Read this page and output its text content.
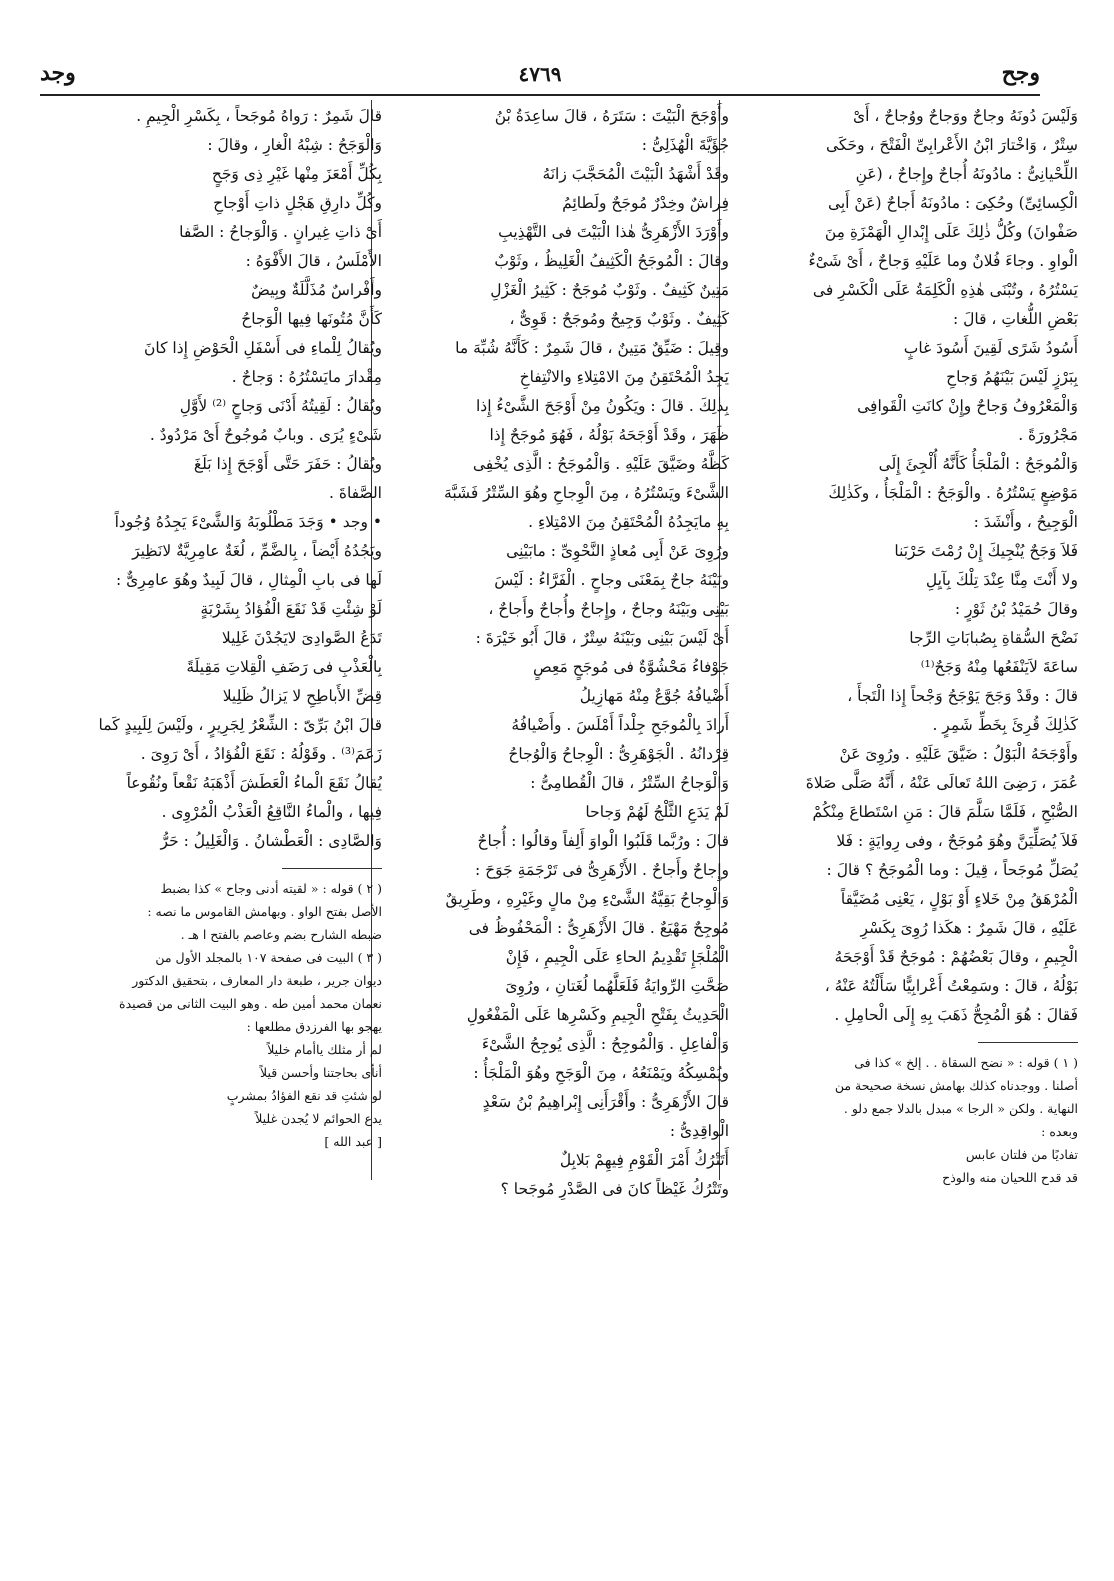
وجح
٤٧٦٩
وجد

وَلَيْسَ دُونَهُ وجاحٌ ووَجاحٌ ووُجاحٌ ، أَىْ

سِتْرٌ ، وَاخْتارَ ابْنُ الأَعْرابِىِّ الْفَتْحَ ، وحَكَى

اللِّحْيانِىُّ : مادُونَهُ أُجاحٌ وإِجاحٌ ، (عَنِ

الْكِسائِىِّ) وحُكِىَ : مادُونَهُ أَجاحٌ (عَنْ أَبِى

صَفْوانَ) وكُلُّ ذٰلِكَ عَلَى إِبْدالِ الْهَمْزَةِ مِنَ

الْواوِ . وجاءَ فُلانٌ وما عَلَيْهِ وَجاحٌ ، أَىْ شَىْءٌ

يَسْتُرُهُ ، وتُبْنَى هٰذِهِ الْكَلِمَةُ عَلَى الْكَسْرِ فى

بَعْضِ اللُّغاتِ ، قالَ :

أَسُودُ شَرًى لَقِينَ أَسُودَ غابٍ

بِبَرْزٍ لَيْسَ بَيْنَهُمُ وَجاحِ

وَالْمَعْرُوفُ وَجاحٌ وإِنْ كانَتِ الْقَوافِى

مَجْرُورَةً .

وَالْمُوجَحُ : الْمَلْجَأُ كَأَنَّهُ أُلْجِئَ إِلَى

مَوْضِعٍ يَسْتُرُهُ . والْوَجَحُ : الْمَلْجَأُ ، وكَذٰلِكَ

الْوَجِيحُ ، وأَنْشَدَ :

فَلاَ وَجَحٌ يُنْجِيكَ إِنْ رُمْتَ حَرْبَنا

ولا أَنْتَ مِنَّا عِنْدَ تِلْكَ بِآيِلِ

وقالَ حُمَيْدُ بْنُ ثَوْرٍ :

نَضْحَ السُّقاةِ بِصُبابَاتِ الرِّجا

ساعَةَ لاَيَنْفَعُها مِنْهُ وَجَحٌ⁽¹⁾

قالَ : وقَدْ وَجَحَ يَوْجَحُ وَجْحاً إِذا الْتَجأَ ،

كَذٰلِكَ قُرِئَ بِخَطِّ شَمِرٍ .

وأَوْجَحَهُ الْبَوْلُ : ضَيَّقَ عَلَيْهِ . ورُوِىَ عَنْ

عُمَرَ ، رَضِىَ اللهُ تَعالَى عَنْهُ ، أَنَّهُ صَلَّى صَلاةَ

الصُّبْحِ ، فَلَمَّا سَلَّمَ قالَ : مَنِ اسْتَطاعَ مِنْكُمْ

فَلاَ يُصَلِّيَنَّ وهُوَ مُوجَحٌ ، وفى رِوايَةٍ : فَلا

يُصَلِّ مُوجَحاً ، قِيلَ : وما الْمُوجَحُ ؟ قالَ :

الْمُرْهَقُ مِنْ خَلاءٍ أَوْ بَوْلٍ ، يَعْنِى مُضَيَّقاً

عَلَيْهِ ، قالَ شَمِرٌ : هكَذا رُوِىَ بِكَسْرِ

الْجِيمِ ، وقالَ بَعْضُهُمْ : مُوجَحٌ قَدْ أَوْجَحَهُ

بَوْلُهُ ، قالَ : وسَمِعْتُ أَعْرابِيًّا سَأَلْتُهُ عَنْهُ ،

فَقالَ : هُوَ الْمُجِحُّ ذَهَبَ بِهِ إِلَى الْحامِلِ .

( ١ ) قوله : « نضح السقاة . . إلخ » كذا فى

أصلنا . ووجدناه كذلك بهامش نسخة صحيحة من

النهاية . ولكن « الرجا » مبدل بالدلا جمع دلو .

وبعده :

تفاديًا من فلتان عابس

قد قدح اللحيان منه والوذح

وأَوْجَحَ الْبَيْتَ : سَتَرَهُ ، قالَ ساعِدَةُ بْنُ

جُؤَيَّةَ الْهُذَلِىُّ :

وقَدْ أَشْهَدُ الْبَيْتَ الْمُحَجَّبَ زانَهُ

فِراشٌ وخِدْرٌ مُوجَحٌ ولَطائِمُ

وأَوْرَدَ الأَزْهَرِىُّ هٰذا الْبَيْتَ فى التَّهْذِيبِ

وقالَ : الْمُوجَحُ الْكَثِيفُ الْغَلِيظُ ، وثَوْبٌ

مَتِينٌ كَثِيفٌ . وثَوْبٌ مُوجَحٌ : كَثِيرُ الْغَزْلِ

كَثِيفٌ . وثَوْبٌ وَجِيحٌ ومُوجَحٌ : قَوِىٌّ ،

وقِيلَ : ضَيِّقٌ مَتِينٌ ، قالَ شَمِرٌ : كَأَنَّهُ شُبِّهَ ما

يَجِدُ الْمُحْتَقِنُ مِنَ الامْتِلاءِ والانْتِفاخِ

بِذٰلِكَ . قالَ : ويَكُونُ مِنْ أَوْجَحَ الشَّىْءُ إِذا

ظَهَرَ ، وقَدْ أَوْجَحَهُ بَوْلُهُ ، فَهُوَ مُوجَحٌ إِذا

كَظَّهُ وضَيَّقَ عَلَيْهِ . وَالْمُوجَحُ : الَّذِى يُخْفِى

الشَّىْءَ ويَسْتُرُهُ ، مِنَ الْوِجاحِ وهُوَ السِّتْرُ فَشَبَّهَ

بِهِ مايَجِدُهُ الْمُحْتَقِنُ مِنَ الامْتِلاءِ .

ورُوِىَ عَنْ أَبِى مُعاذٍ النَّحْوِىِّ : مابَيْنِى

وبَيْنَهُ جاحٌ بِمَعْنَى وجاحٍ . الْفَرَّاءُ : لَيْسَ

بَيْنِى وبَيْنَهُ وجاحٌ ، وإِجاحٌ وأُجاحٌ وأَجاحٌ ،

أَىْ لَيْسَ بَيْنِى وبَيْنَهُ سِتْرٌ ، قالَ أَبُو خَيْرَةَ :

جَوْفاءُ مَحْشُوَّةٌ فى مُوجَحٍ مَعِصٍ

أَضْيافُهُ جُوَّعٌ مِنْهُ مَهازِيلُ

أَرادَ بِالْمُوجَحِ جِلْداً أَمْلَسَ . وأَضْيافُهُ

قِرْدانُهُ . الْجَوْهَرِىُّ : الْوِجاحُ وَالْوُجاحُ

وَالْوَجاحُ السِّتْرُ ، قالَ الْقُطامِىُّ :

لَمْ يَدَعِ الثَّلْجُ لَهُمْ وَجاحا

قالَ : ورُبَّما قَلَبُوا الْواوَ أَلِفاً وقالُوا : أُجاحٌ

وإِجاحٌ وأَجاحٌ . الأَزْهَرِىُّ فى تَرْجَمَةِ جَوَحَ :

وَالْوِجاحُ بَقِيَّةُ الشَّىْءِ مِنْ مالٍ وغَيْرِهِ ، وطَرِيقٌ

مُوجِحٌ مَهْيَعٌ . قالَ الأَزْهَرِىُّ : الْمَحْفُوظُ فى

الْمُلْجَإِ تَقْدِيمُ الحاءِ عَلَى الْجِيمِ ، فَإِنْ

صَحَّتِ الرِّوايَةُ فَلَعَلَّهُما لُغَتانِ ، ورُوِىَ

الْحَدِيثُ بِفَتْحِ الْجِيمِ وكَسْرِها عَلَى الْمَفْعُولِ

وَالْفاعِلِ . وَالْمُوجِحُ : الَّذِى يُوجِحُ الشَّىْءَ

ويُمْسِكُهُ ويَمْنَعُهُ ، مِنَ الْوَجَحِ وهُوَ الْمَلْجَأُ :

قالَ الأَزْهَرِىُّ : وأَقْرَأَنِى إِبْراهِيمُ بْنُ سَعْدٍ

الْواقِدِىُّ :

أَتَتْرُكُ أَمْرَ الْقَوْمِ فِيهِمْ بَلابِلٌ

وتَتْرُكُ غَيْظاً كانَ فى الصَّدْرِ مُوجَحا ؟

قالَ شَمِرٌ : رَواهُ مُوجَحاً ، بِكَسْرِ الْجِيمِ .

وَالْوَجَحُ : شِبْهُ الْغارِ ، وقالَ :

بِكُلِّ أَمْعَزَ مِنْها غَيْرِ ذِى وَجَحٍ

وكُلِّ دارِقِ هَجْلٍ ذاتِ أَوْجاحِ

أَىْ ذاتِ غِيرانٍ . وَالْوَجاحُ : الصَّفا

الأَمْلَسُ ، قالَ الأَفْوَهُ :

وأَفْراسٌ مُذَلَّلَةٌ وبِيضٌ

كَأَنَّ مُتُونَها فِيها الْوَجاحُ

ويُقالُ لِلْماءِ فى أَسْفَلِ الْحَوْضِ إِذا كانَ

مِقْدارَ مايَسْتُرُهُ : وَجاحٌ .

ويُقالُ : لَقِيتُهُ أَدْنَى وَجاحٍ ⁽²⁾ لأَوَّلِ

شَىْءٍ يُرَى . وبابٌ مُوجُوحٌ أَىْ مَرْدُودٌ .

ويُقالُ : حَفَرَ حَتَّى أَوْجَحَ إِذا بَلَغَ

الصَّفاةَ .

• وجد • وَجَدَ مَطْلُوبَهُ وَالشَّىْءَ يَجِدُهُ وُجُوداً

ويَجُدُهُ أَيْضاً ، بِالضَّمِّ ، لُغَةٌ عامِرِيَّةٌ لانَظِيرَ

لَها فى بابِ الْمِثالِ ، قالَ لَبِيدٌ وهُوَ عامِرِىٌّ :

لَوْ شِئْتِ قَدْ نَقَعَ الْفُؤادُ بِشَرْبَةٍ

تَدَعُ الصَّوادِىَ لايَجُدْنَ غَلِيلا

بِالْعَذْبِ فى رَضَفِ الْقِلاتِ مَقِيلَةً

قِضِّ الأَباطِحِ لا يَزالُ ظَلِيلا

قالَ ابْنُ بَرِّىّ : الشِّعْرُ لِجَرِيرٍ ، ولَيْسَ لِلَبِيدٍ كَما

زَعَمَ⁽³⁾ . وقَوْلُهُ : نَقَعَ الْفُؤادُ ، أَىْ رَوِىَ .

يُقالُ نَقَعَ الْماءُ الْعَطَشَ أَذْهَبَهُ نَقْعاً ونُقُوعاً

فِيها ، والْماءُ النَّاقِعُ الْعَذْبُ الْمُرْوِى .

وَالصَّادِى : الْعَطْشانُ . وَالْغَلِيلُ : حَرُّ

( ٢ ) قوله : « لقيته أدنى وجاح » كذا بضبط

الأصل بفتح الواو . وبهامش القاموس ما نصه :

ضبطه الشارح بضم وعاصم بالفتح ا هـ .

( ٣ ) البيت فى صفحة ١٠٧ بالمجلد الأول من

ديوان جرير ، طبعة دار المعارف ، بتحقيق الدكتور

نعمان محمد أمين طه . وهو البيت الثانى من قصيدة

يهجو بها الفرزدق مطلعها :

لم أر مثلك ياأمام خليلاً

أنأى بحاجتنا وأحسن قيلاً

لو شئتِ قد نقع الفؤادُ بمشربٍ

يدع الحوائم لا يُجدن غليلاً

[ عبد الله ]
